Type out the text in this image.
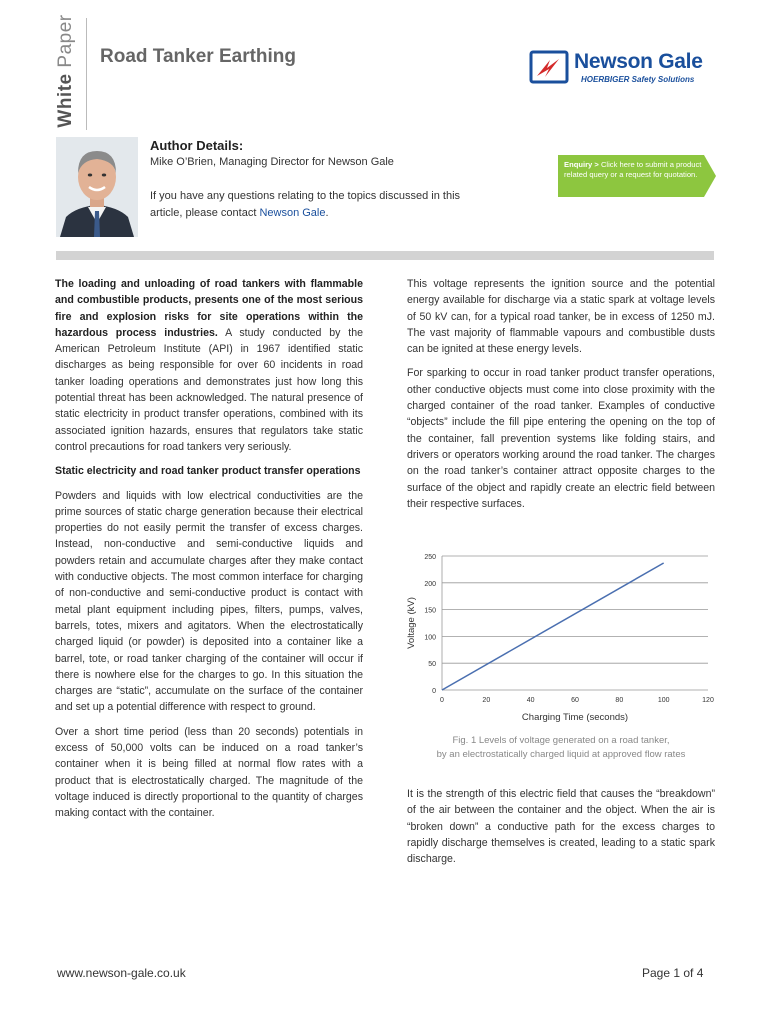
White Paper Road Tanker Earthing	Newson Gale
HOERBIGER Safety Solutions
Author Details:
Mike O’Brien, Managing Director for Newson Gale
If you have any questions relating to the topics discussed in this article, please contact Newson Gale.
Enquiry > Click here to submit a product related query or a request for quotation.

The loading and unloading of road tankers with flammable and combustible products, presents one of the most serious fire and explosion risks for site operations within the hazardous process industries. A study conducted by the American Petroleum Institute (API) in 1967 identified static discharges as being responsible for over 60 incidents in road tanker loading operations and demonstrates just how long this potential threat has been acknowledged. The natural presence of static electricity in product transfer operations, combined with its associated ignition hazards, ensures that regulators take static control precautions for road tankers very seriously.

Static electricity and road tanker product transfer operations

Powders and liquids with low electrical conductivities are the prime sources of static charge generation because their electrical properties do not easily permit the transfer of excess charges. Instead, non-conductive and semi-conductive liquids and powders retain and accumulate charges after they make contact with conductive objects. The most common interface for charging of non-conductive and semi-conductive product is contact with metal plant equipment including pipes, filters, pumps, valves, barrels, totes, mixers and agitators. When the electrostatically charged liquid (or powder) is deposited into a container like a barrel, tote, or road tanker charging of the container will occur if there is nowhere else for the charges to go. In this situation the charges are “static”, accumulate on the surface of the container and set up a potential difference with respect to ground.

Over a short time period (less than 20 seconds) potentials in excess of 50,000 volts can be induced on a road tanker’s container when it is being filled at normal flow rates with a product that is electrostatically charged. The magnitude of the voltage induced is directly proportional to the quantity of charges making contact with the container.

This voltage represents the ignition source and the potential energy available for discharge via a static spark at voltage levels of 50 kV can, for a typical road tanker, be in excess of 1250 mJ. The vast majority of flammable vapours and combustible dusts can be ignited at these energy levels.

For sparking to occur in road tanker product transfer operations, other conductive objects must come into close proximity with the charged container of the road tanker. Examples of conductive “objects” include the fill pipe entering the opening on the top of the container, fall prevention systems like folding stairs, and drivers or operators working around the road tanker. The charges on the road tanker’s container attract opposite charges to the surface of the object and rapidly create an electric field between their respective surfaces.

0
50
100
150
200
250
0	20	40	60	80	100	120
Charging Time (seconds)
Voltage (kV)
Fig. 1 Levels of voltage generated on a road tanker,
by an electrostatically charged liquid at approved flow rates

It is the strength of this electric field that causes the “breakdown” of the air between the container and the object. When the air is “broken down” a conductive path for the excess charges to rapidly discharge themselves is created, leading to a static spark discharge.

www.newson-gale.co.uk	Page 1 of 4
